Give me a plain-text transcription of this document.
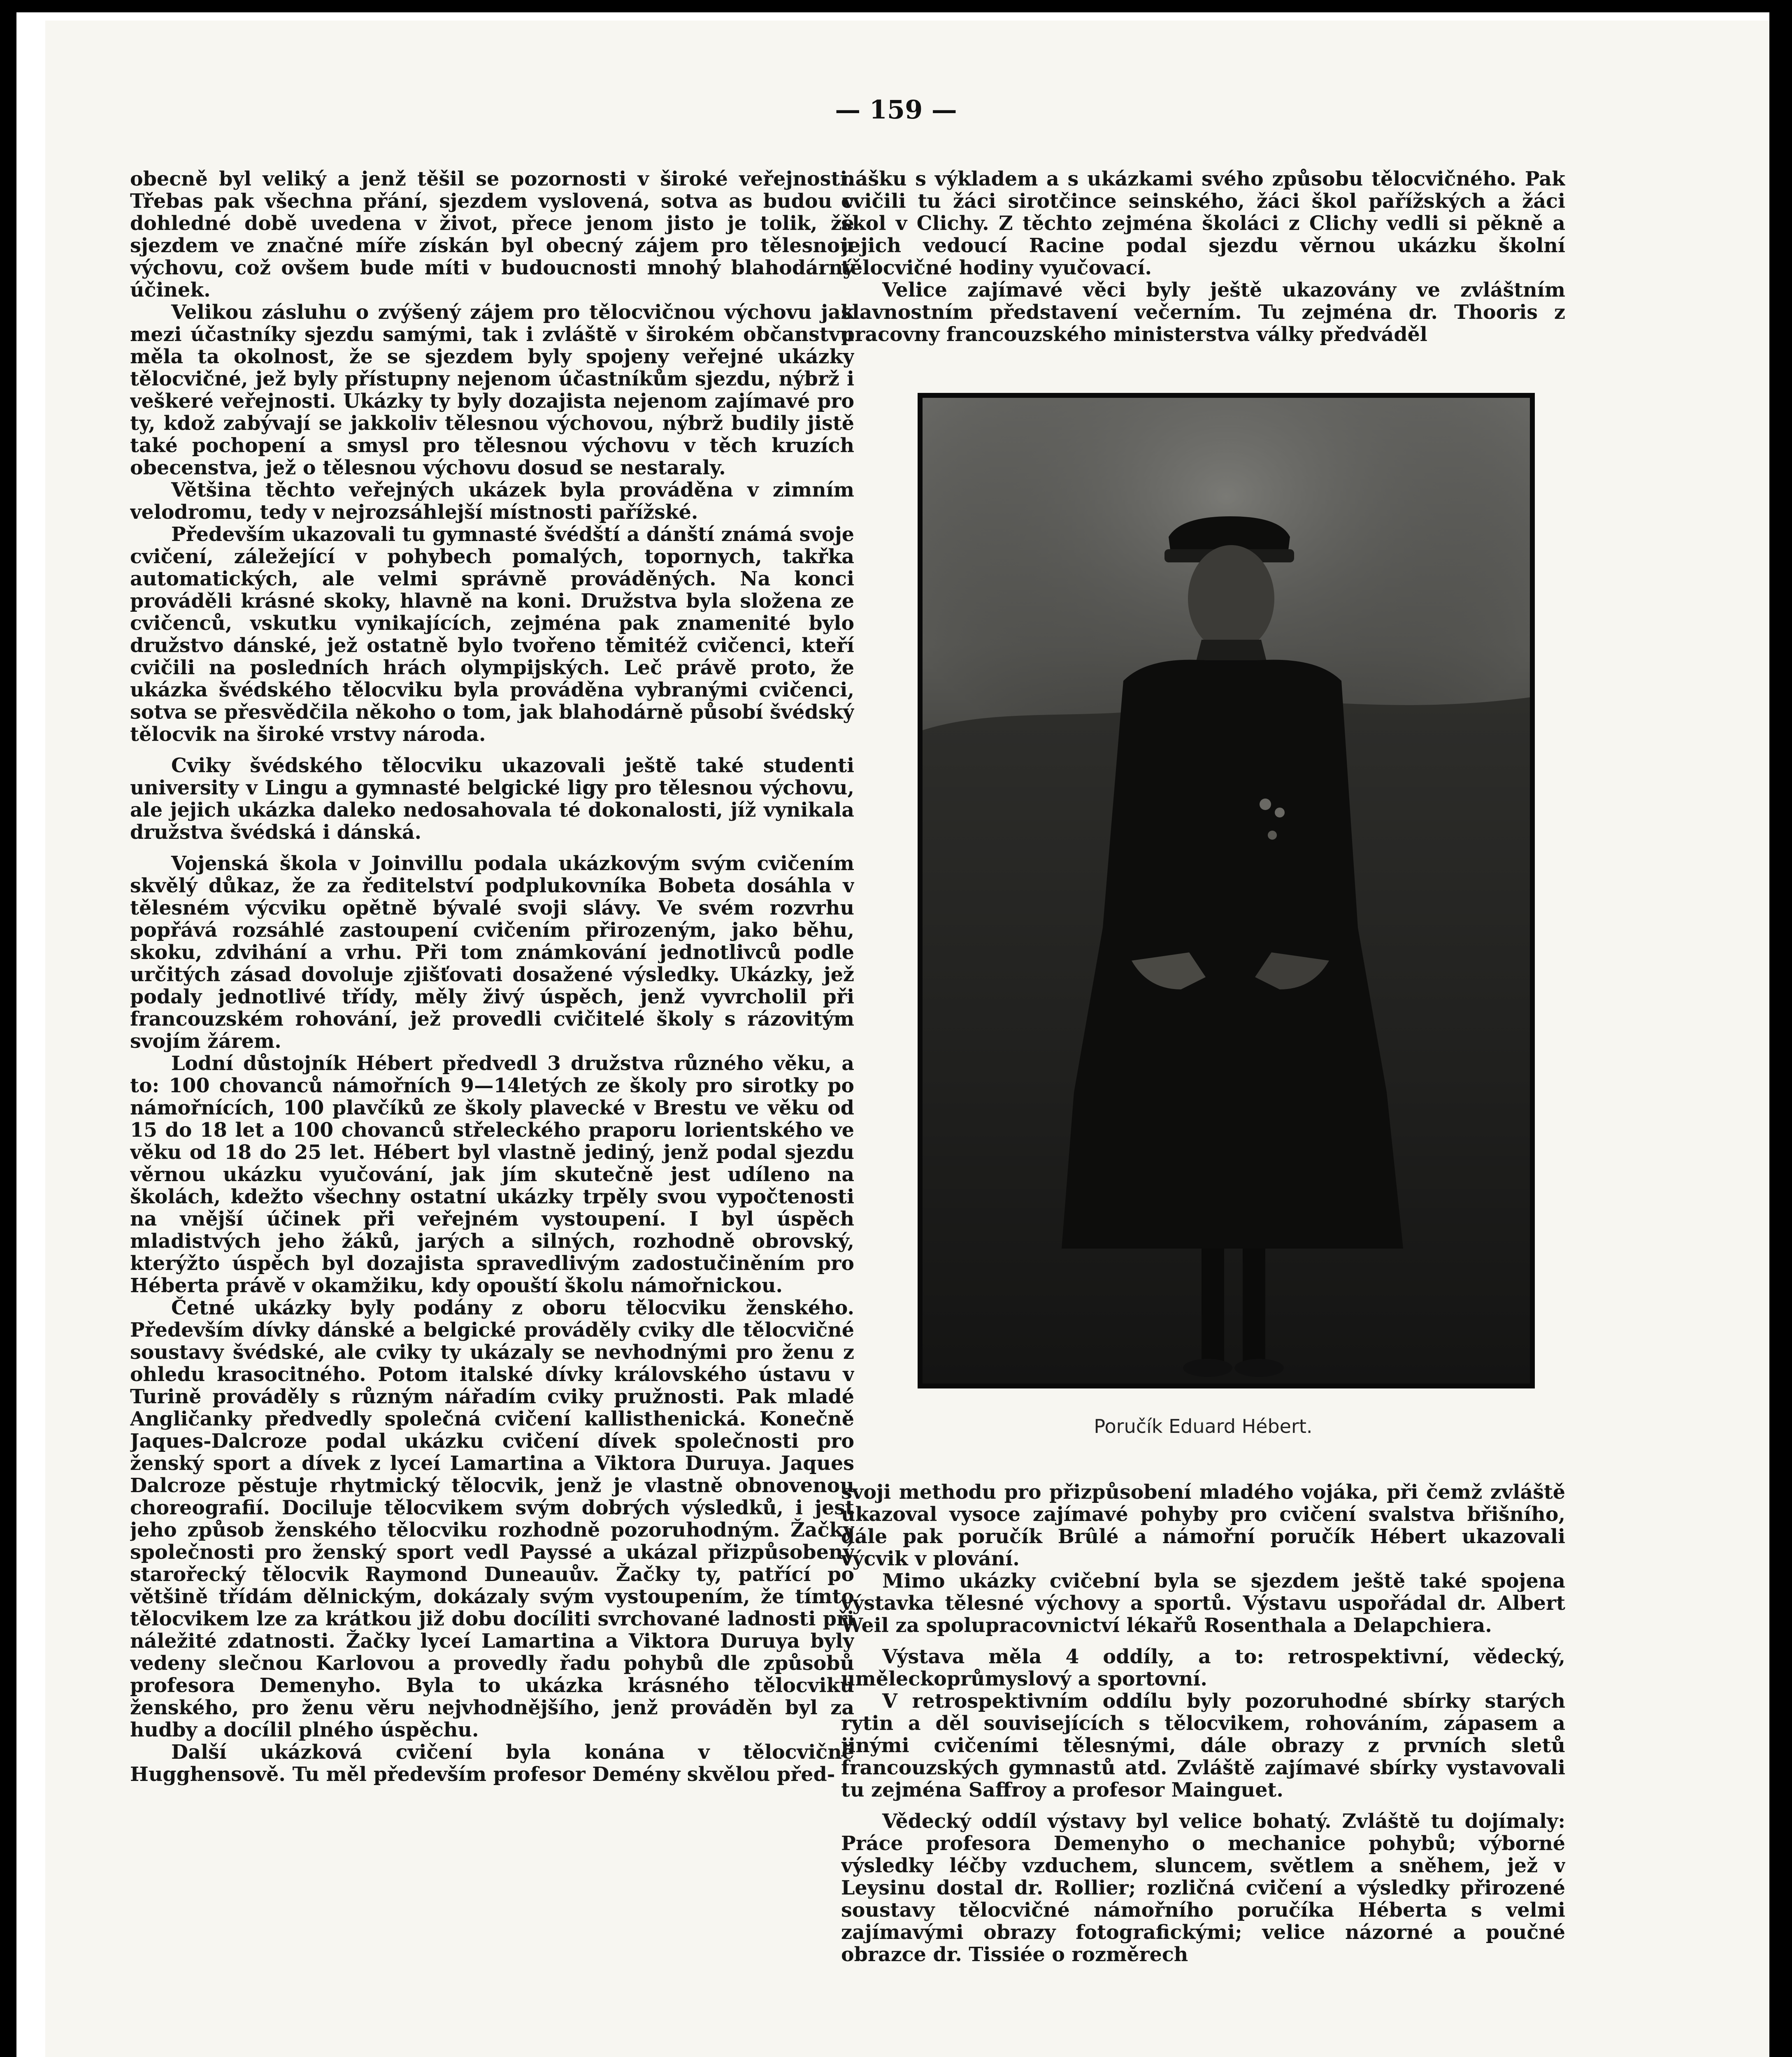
— 159 —

obecně byl veliký a jenž těšil se pozornosti v široké veřejnosti. Třebas pak všechna přání, sjezdem vyslovená, sotva as budou v dohledné době uvedena v život, přece jenom jisto je tolik, že sjezdem ve značné míře získán byl obecný zájem pro tělesnou výchovu, což ovšem bude míti v budoucnosti mnohý blahodárný účinek.

Velikou zásluhu o zvýšený zájem pro tělocvičnou výchovu jak mezi účastníky sjezdu samými, tak i zvláště v širokém občanstvu měla ta okolnost, že se sjezdem byly spojeny veřejné ukázky tělocvičné, jež byly přístupny nejenom účastníkům sjezdu, nýbrž i veškeré veřejnosti. Ukázky ty byly dozajista nejenom zajímavé pro ty, kdož zabývají se jakkoliv tělesnou výchovou, nýbrž budily jistě také pochopení a smysl pro tělesnou výchovu v těch kruzích obecenstva, jež o tělesnou výchovu dosud se nestaraly.

Většina těchto veřejných ukázek byla prováděna v zimním velodromu, tedy v nejrozsáhlejší místnosti pařížské.

Především ukazovali tu gymnasté švédští a dánští známá svoje cvičení, záležející v pohybech pomalých, topornych, takřka automatických, ale velmi správně prováděných. Na konci prováděli krásné skoky, hlavně na koni. Družstva byla složena ze cvičenců, vskutku vynikajících, zejména pak znamenité bylo družstvo dánské, jež ostatně bylo tvořeno těmitéž cvičenci, kteří cvičili na posledních hrách olympijských. Leč právě proto, že ukázka švédského tělocviku byla prováděna vybranými cvičenci, sotva se přesvědčila někoho o tom, jak blahodárně působí švédský tělocvik na široké vrstvy národa.

Cviky švédského tělocviku ukazovali ještě také studenti university v Lingu a gymnasté belgické ligy pro tělesnou výchovu, ale jejich ukázka daleko nedosahovala té dokonalosti, jíž vynikala družstva švédská i dánská.

Vojenská škola v Joinvillu podala ukázkovým svým cvičením skvělý důkaz, že za ředitelství podplukovníka Bobeta dosáhla v tělesném výcviku opětně bývalé svoji slávy. Ve svém rozvrhu popřává rozsáhlé zastoupení cvičením přirozeným, jako běhu, skoku, zdvihání a vrhu. Při tom známkování jednotlivců podle určitých zásad dovoluje zjišťovati dosažené výsledky. Ukázky, jež podaly jednotlivé třídy, měly živý úspěch, jenž vyvrcholil při francouzském rohování, jež provedli cvičitelé školy s rázovitým svojím žárem.

Lodní důstojník Hébert předvedl 3 družstva různého věku, a to: 100 chovanců námořních 9—14letých ze školy pro sirotky po námořnících, 100 plavčíků ze školy plavecké v Brestu ve věku od 15 do 18 let a 100 chovanců střeleckého praporu lorientského ve věku od 18 do 25 let. Hébert byl vlastně jediný, jenž podal sjezdu věrnou ukázku vyučování, jak jím skutečně jest udíleno na školách, kdežto všechny ostatní ukázky trpěly svou vypočtenosti na vnější účinek při veřejném vystoupení. I byl úspěch mladistvých jeho žáků, jarých a silných, rozhodně obrovský, kterýžto úspěch byl dozajista spravedlivým zadostučiněním pro Héberta právě v okamžiku, kdy opouští školu námořnickou.

Četné ukázky byly podány z oboru tělocviku ženského. Především dívky dánské a belgické prováděly cviky dle tělocvičné soustavy švédské, ale cviky ty ukázaly se nevhodnými pro ženu z ohledu krasocitného. Potom italské dívky královského ústavu v Turině prováděly s různým nářadím cviky pružnosti. Pak mladé Angličanky předvedly společná cvičení kallisthenická. Konečně Jaques-Dalcroze podal ukázku cvičení dívek společnosti pro ženský sport a dívek z lyceí Lamartina a Viktora Duruya. Jaques Dalcroze pěstuje rhytmický tělocvik, jenž je vlastně obnovenou choreografií. Dociluje tělocvikem svým dobrých výsledků, i jest jeho způsob ženského tělocviku rozhodně pozoruhodným. Žačky společnosti pro ženský sport vedl Payssé a ukázal přizpůsobený starořecký tělocvik Raymond Duneauův. Žačky ty, patřící po většině třídám dělnickým, dokázaly svým vystoupením, že tímto tělocvikem lze za krátkou již dobu docíliti svrchované ladnosti při náležité zdatnosti. Žačky lyceí Lamartina a Viktora Duruya byly vedeny slečnou Karlovou a provedly řadu pohybů dle způsobů profesora Demenyho. Byla to ukázka krásného tělocviku ženského, pro ženu věru nejvhodnějšího, jenž prováděn byl za hudby a docílil plného úspěchu.

Další ukázková cvičení byla konána v tělocvičně Hugghensově. Tu měl především profesor Demény skvělou před-

nášku s výkladem a s ukázkami svého způsobu tělocvičného. Pak cvičili tu žáci sirotčince seinského, žáci škol pařížských a žáci škol v Clichy. Z těchto zejména školáci z Clichy vedli si pěkně a jejich vedoucí Racine podal sjezdu věrnou ukázku školní tělocvičné hodiny vyučovací.

Velice zajímavé věci byly ještě ukazovány ve zvláštním slavnostním představení večerním. Tu zejména dr. Thooris z pracovny francouzského ministerstva války předváděl

Poručík Eduard Hébert.

svoji methodu pro přizpůsobení mladého vojáka, při čemž zvláště ukazoval vysoce zajímavé pohyby pro cvičení svalstva břišního, dále pak poručík Brûlé a námořní poručík Hébert ukazovali výcvik v plování.

Mimo ukázky cvičební byla se sjezdem ještě také spojena výstavka tělesné výchovy a sportů. Výstavu uspořádal dr. Albert Weil za spolupracovnictví lékařů Rosenthala a Delapchiera.

Výstava měla 4 oddíly, a to: retrospektivní, vědecký, uměleckoprůmyslový a sportovní.

V retrospektivním oddílu byly pozoruhodné sbírky starých rytin a děl souvisejících s tělocvikem, rohováním, zápasem a jinými cvičeními tělesnými, dále obrazy z prvních sletů francouzských gymnastů atd. Zvláště zajímavé sbírky vystavovali tu zejména Saffroy a profesor Mainguet.

Vědecký oddíl výstavy byl velice bohatý. Zvláště tu dojímaly: Práce profesora Demenyho o mechanice pohybů; výborné výsledky léčby vzduchem, sluncem, světlem a sněhem, jež v Leysinu dostal dr. Rollier; rozličná cvičení a výsledky přirozené soustavy tělocvičné námořního poručíka Héberta s velmi zajímavými obrazy fotografickými; velice názorné a poučné obrazce dr. Tissiée o rozměrech
